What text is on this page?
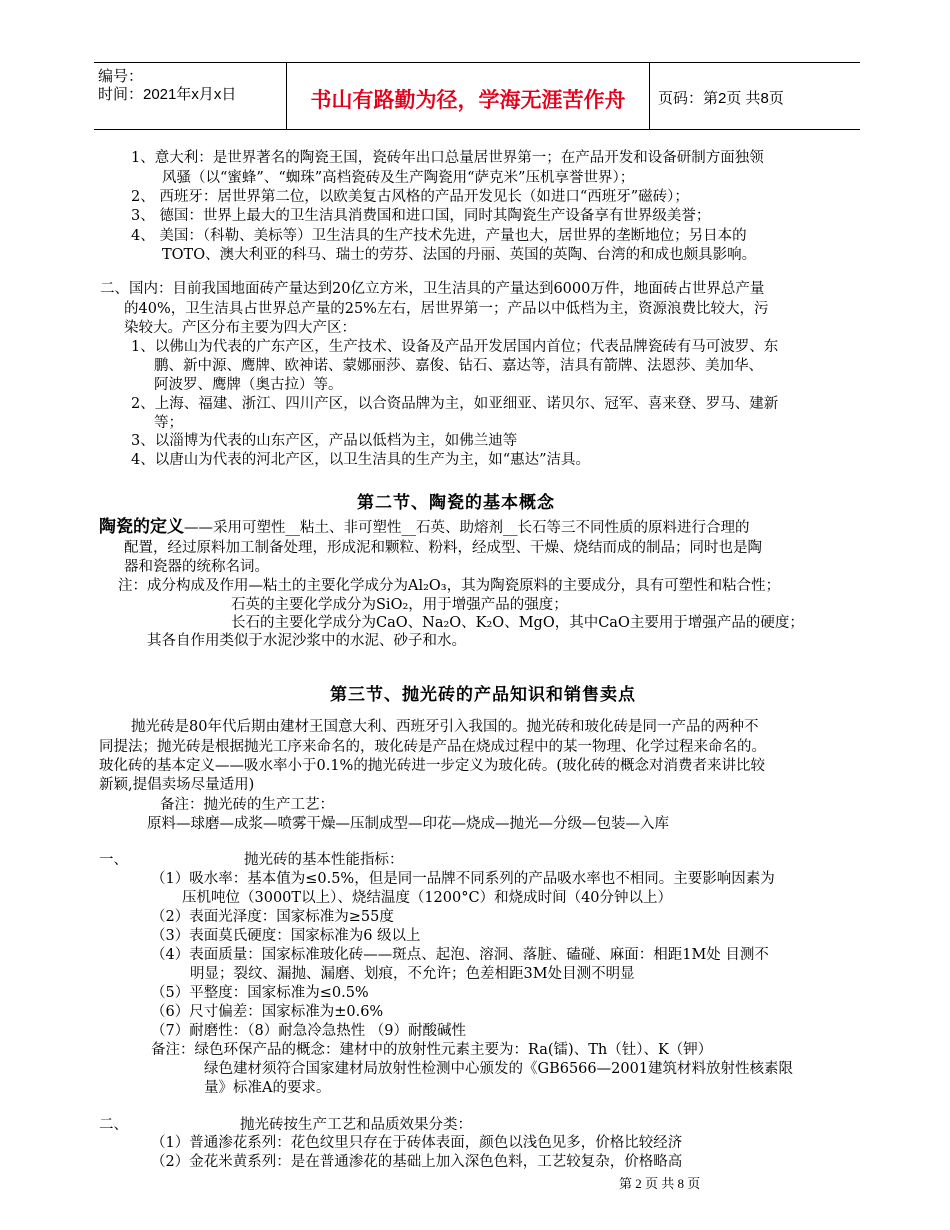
编号：
时间：2021年x月x日	书山有路勤为径，学海无涯苦作舟	页码：第2页 共8页
1、意大利：是世界著名的陶瓷王国，瓷砖年出口总量居世界第一；在产品开发和设备研制方面独领
风骚（以“蜜蜂”、“蜘珠”高档瓷砖及生产陶瓷用“萨克米”压机享誉世界）；
2、 西班牙：居世界第二位，以欧美复古风格的产品开发见长（如进口“西班牙”磁砖）；
3、 德国：世界上最大的卫生洁具消费国和进口国，同时其陶瓷生产设备享有世界级美誉；
4、 美国：（科勒、美标等）卫生洁具的生产技术先进，产量也大，居世界的垄断地位；另日本的
TOTO、澳大利亚的科马、瑞士的劳芬、法国的丹丽、英国的英陶、台湾的和成也颇具影响。
二、国内：目前我国地面砖产量达到20亿立方米，卫生洁具的产量达到6000万件，地面砖占世界总产量
的40%，卫生洁具占世界总产量的25%左右，居世界第一；产品以中低档为主，资源浪费比较大，污
染较大。产区分布主要为四大产区：
1、以佛山为代表的广东产区，生产技术、设备及产品开发居国内首位；代表品牌瓷砖有马可波罗、东
鹏、新中源、鹰牌、欧神诺、蒙娜丽莎、嘉俊、钻石、嘉达等，洁具有箭牌、法恩莎、美加华、
阿波罗、鹰牌（奥古拉）等。
2、上海、福建、浙江、四川产区，以合资品牌为主，如亚细亚、诺贝尔、冠军、喜来登、罗马、建新
等；
3、以淄博为代表的山东产区，产品以低档为主，如佛兰迪等
4、以唐山为代表的河北产区，以卫生洁具的生产为主，如“惠达”洁具。
第二节、陶瓷的基本概念
陶瓷的定义——采用可塑性__粘土、非可塑性__石英、助熔剂__长石等三不同性质的原料进行合理的
配置，经过原料加工制备处理，形成泥和颗粒、粉料，经成型、干燥、烧结而成的制品；同时也是陶
器和瓷器的统称名词。
注：成分构成及作用—粘土的主要化学成分为Al₂O₃，其为陶瓷原料的主要成分，具有可塑性和粘合性；
石英的主要化学成分为SiO₂，用于增强产品的强度；
长石的主要化学成分为CaO、Na₂O、K₂O、MgO，其中CaO主要用于增强产品的硬度；
其各自作用类似于水泥沙浆中的水泥、砂子和水。
第三节、抛光砖的产品知识和销售卖点
抛光砖是80年代后期由建材王国意大利、西班牙引入我国的。抛光砖和玻化砖是同一产品的两种不
同提法；抛光砖是根据抛光工序来命名的，玻化砖是产品在烧成过程中的某一物理、化学过程来命名的。
玻化砖的基本定义——吸水率小于0.1%的抛光砖进一步定义为玻化砖。(玻化砖的概念对消费者来讲比较
新颖,提倡卖场尽量适用)
备注：抛光砖的生产工艺：
原料—球磨—成浆—喷雾干燥—压制成型—印花—烧成—抛光—分级—包装—入库
一、	抛光砖的基本性能指标：
（1）吸水率：基本值为≤0.5%，但是同一品牌不同系列的产品吸水率也不相同。主要影响因素为
压机吨位（3000T以上）、烧结温度（1200°C）和烧成时间（40分钟以上）
（2）表面光泽度：国家标准为≥55度
（3）表面莫氏硬度：国家标准为6 级以上
（4）表面质量：国家标准玻化砖——斑点、起泡、溶洞、落脏、磕碰、麻面：相距1M处 目测不
明显；裂纹、漏抛、漏磨、划痕，不允许；色差相距3M处目测不明显
（5）平整度：国家标准为≤0.5%
（6）尺寸偏差：国家标准为±0.6%
（7）耐磨性：（8）耐急冷急热性 （9）耐酸碱性
备注：绿色环保产品的概念：建材中的放射性元素主要为：Ra(镭)、Th（钍）、K（钾）
绿色建材须符合国家建材局放射性检测中心颁发的《GB6566—2001建筑材料放射性核素限
量》标准A的要求。
二、	抛光砖按生产工艺和品质效果分类：
（1）普通渗花系列：花色纹里只存在于砖体表面，颜色以浅色见多，价格比较经济
（2）金花米黄系列：是在普通渗花的基础上加入深色色料，工艺较复杂，价格略高
第 2 页 共 8 页
